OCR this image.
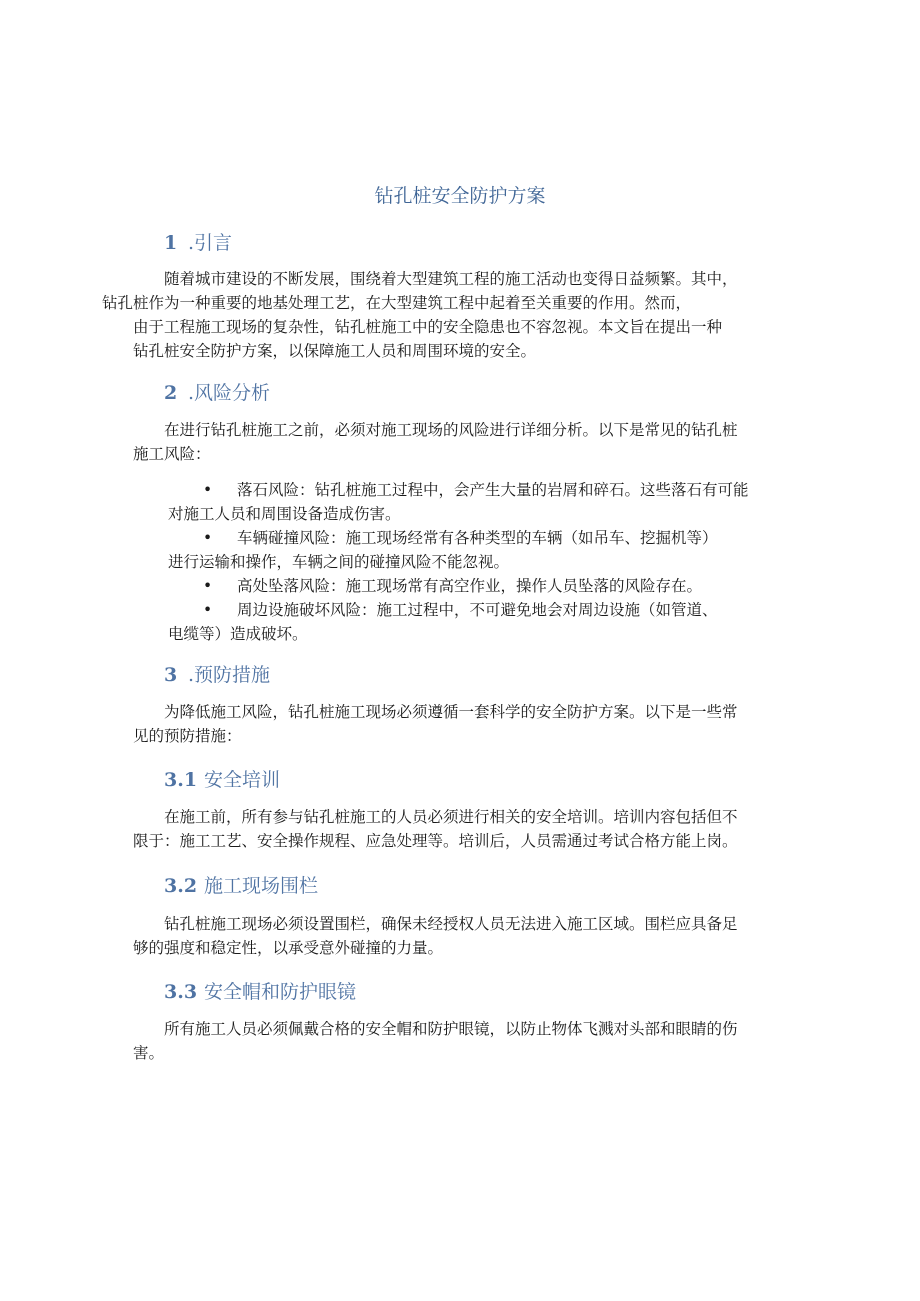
钻孔桩安全防护方案
1 .引言
随着城市建设的不断发展，围绕着大型建筑工程的施工活动也变得日益频繁。其中，
钻孔桩作为一种重要的地基处理工艺，在大型建筑工程中起着至关重要的作用。然而，
由于工程施工现场的复杂性，钻孔桩施工中的安全隐患也不容忽视。本文旨在提出一种
钻孔桩安全防护方案，以保障施工人员和周围环境的安全。
2 .风险分析
在进行钻孔桩施工之前，必须对施工现场的风险进行详细分析。以下是常见的钻孔桩
施工风险：
• 落石风险：钻孔桩施工过程中，会产生大量的岩屑和碎石。这些落石有可能
对施工人员和周围设备造成伤害。
• 车辆碰撞风险：施工现场经常有各种类型的车辆（如吊车、挖掘机等）
进行运输和操作，车辆之间的碰撞风险不能忽视。
• 高处坠落风险：施工现场常有高空作业，操作人员坠落的风险存在。
• 周边设施破坏风险：施工过程中，不可避免地会对周边设施（如管道、
电缆等）造成破坏。
3 .预防措施
为降低施工风险，钻孔桩施工现场必须遵循一套科学的安全防护方案。以下是一些常
见的预防措施：
3.1 安全培训
在施工前，所有参与钻孔桩施工的人员必须进行相关的安全培训。培训内容包括但不
限于：施工工艺、安全操作规程、应急处理等。培训后，人员需通过考试合格方能上岗。
3.2 施工现场围栏
钻孔桩施工现场必须设置围栏，确保未经授权人员无法进入施工区域。围栏应具备足
够的强度和稳定性，以承受意外碰撞的力量。
3.3 安全帽和防护眼镜
所有施工人员必须佩戴合格的安全帽和防护眼镜，以防止物体飞溅对头部和眼睛的伤
害。
